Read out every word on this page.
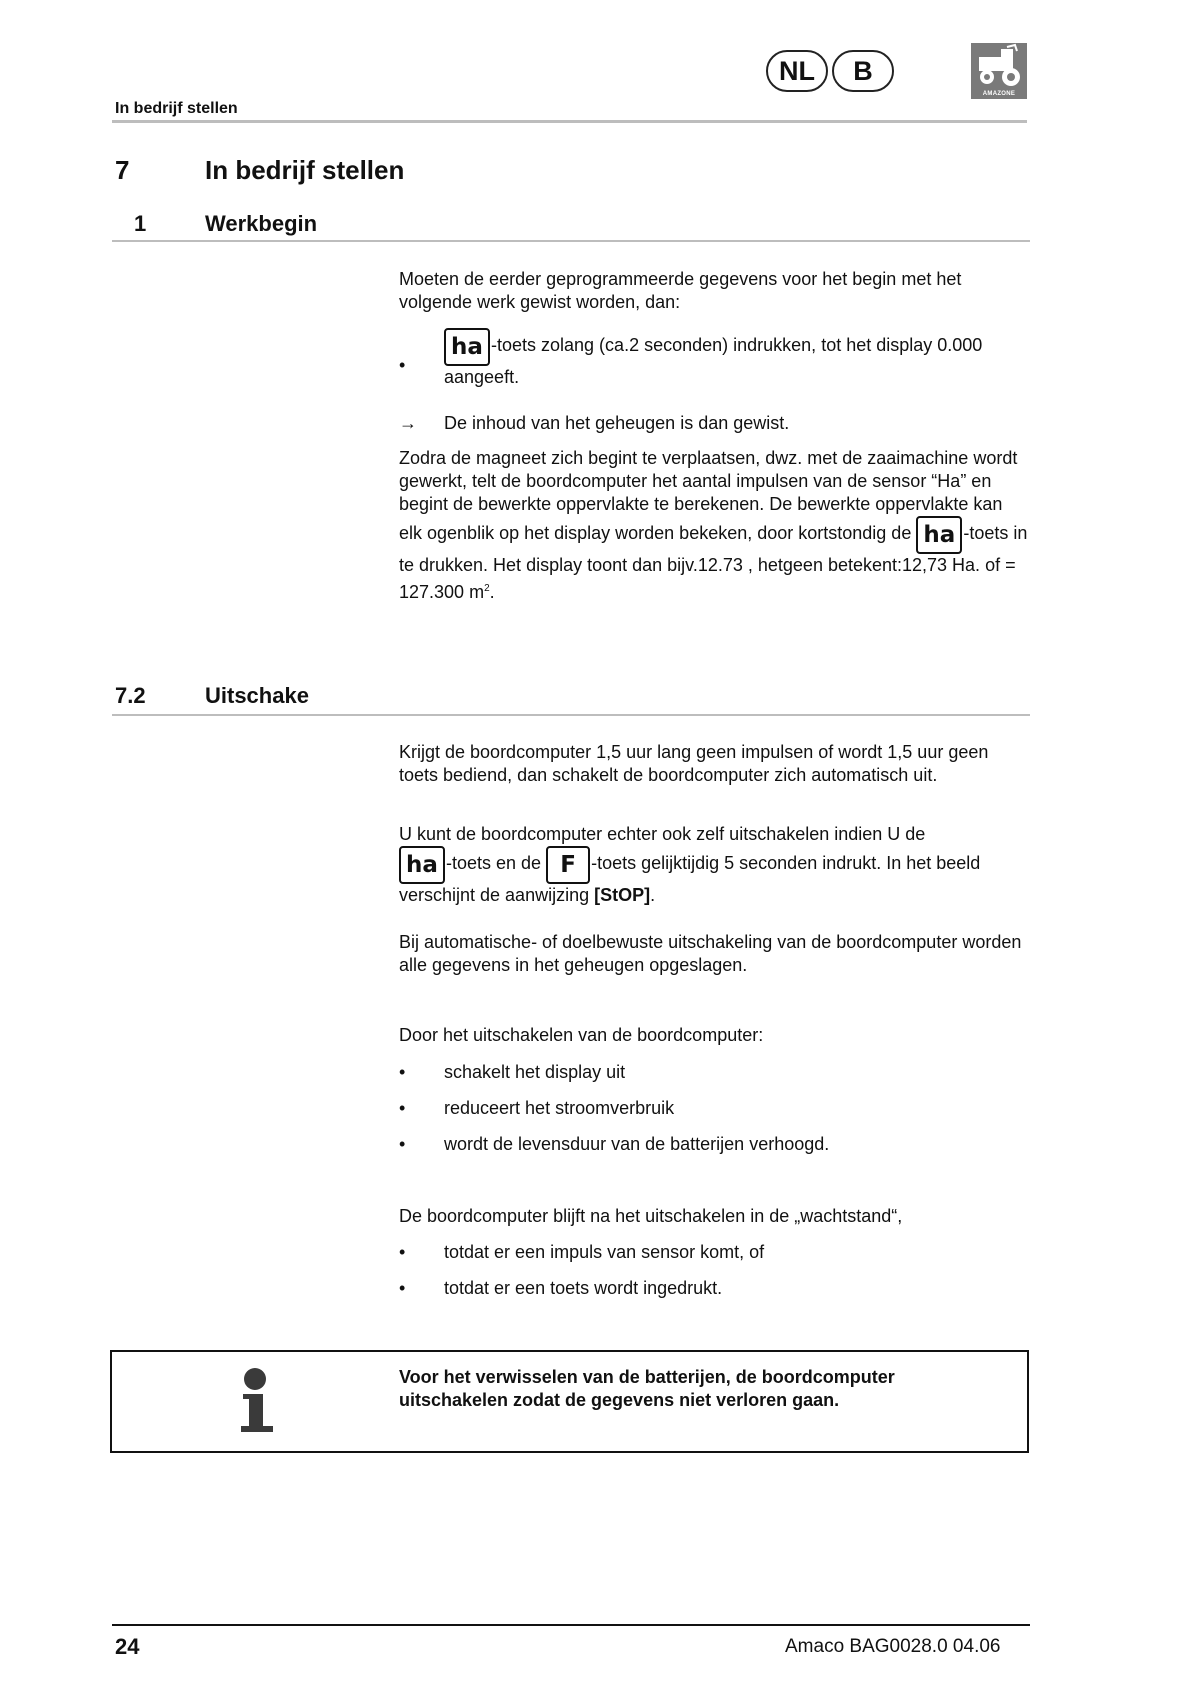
In bedrijf stellen
NL	B
AMAZONE
7	In bedrijf stellen
1	Werkbegin
Moeten de eerder geprogrammeerde gegevens voor het begin met het volgende werk gewist worden, dan:
•
ha -toets zolang (ca.2 seconden) indrukken, tot het display 0.000 aangeeft.
→	De inhoud van het geheugen is dan gewist.
Zodra de magneet zich begint te verplaatsen, dwz. met de zaaimachine wordt gewerkt, telt de boordcomputer het aantal impulsen van de sensor “Ha” en begint de bewerkte oppervlakte te berekenen. De bewerkte oppervlakte kan elk ogenblik op het display worden bekeken, door kortstondig de ha -toets in te drukken. Het display toont dan bijv.12.73 , hetgeen betekent:12,73 Ha. of = 127.300 $m^2$.
7.2	Uitschake
Krijgt de boordcomputer 1,5 uur lang geen impulsen of wordt 1,5 uur geen toets bediend, dan schakelt de boordcomputer zich automatisch uit.
U kunt de boordcomputer echter ook zelf uitschakelen indien U de
ha -toets en de F -toets gelijktijdig 5 seconden indrukt. In het beeld verschijnt de aanwijzing [StOP].
Bij automatische- of doelbewuste uitschakeling van de boordcomputer worden alle gegevens in het geheugen opgeslagen.
Door het uitschakelen van de boordcomputer:
•	schakelt het display uit
•	reduceert het stroomverbruik
•	wordt de levensduur van de batterijen verhoogd.
De boordcomputer blijft na het uitschakelen in de „wachtstand“,
•	totdat er een impuls van sensor komt, of
•	totdat er een toets wordt ingedrukt.
Voor het verwisselen van de batterijen, de boordcomputer uitschakelen zodat de gegevens niet verloren gaan.
24	Amaco BAG0028.0 04.06
